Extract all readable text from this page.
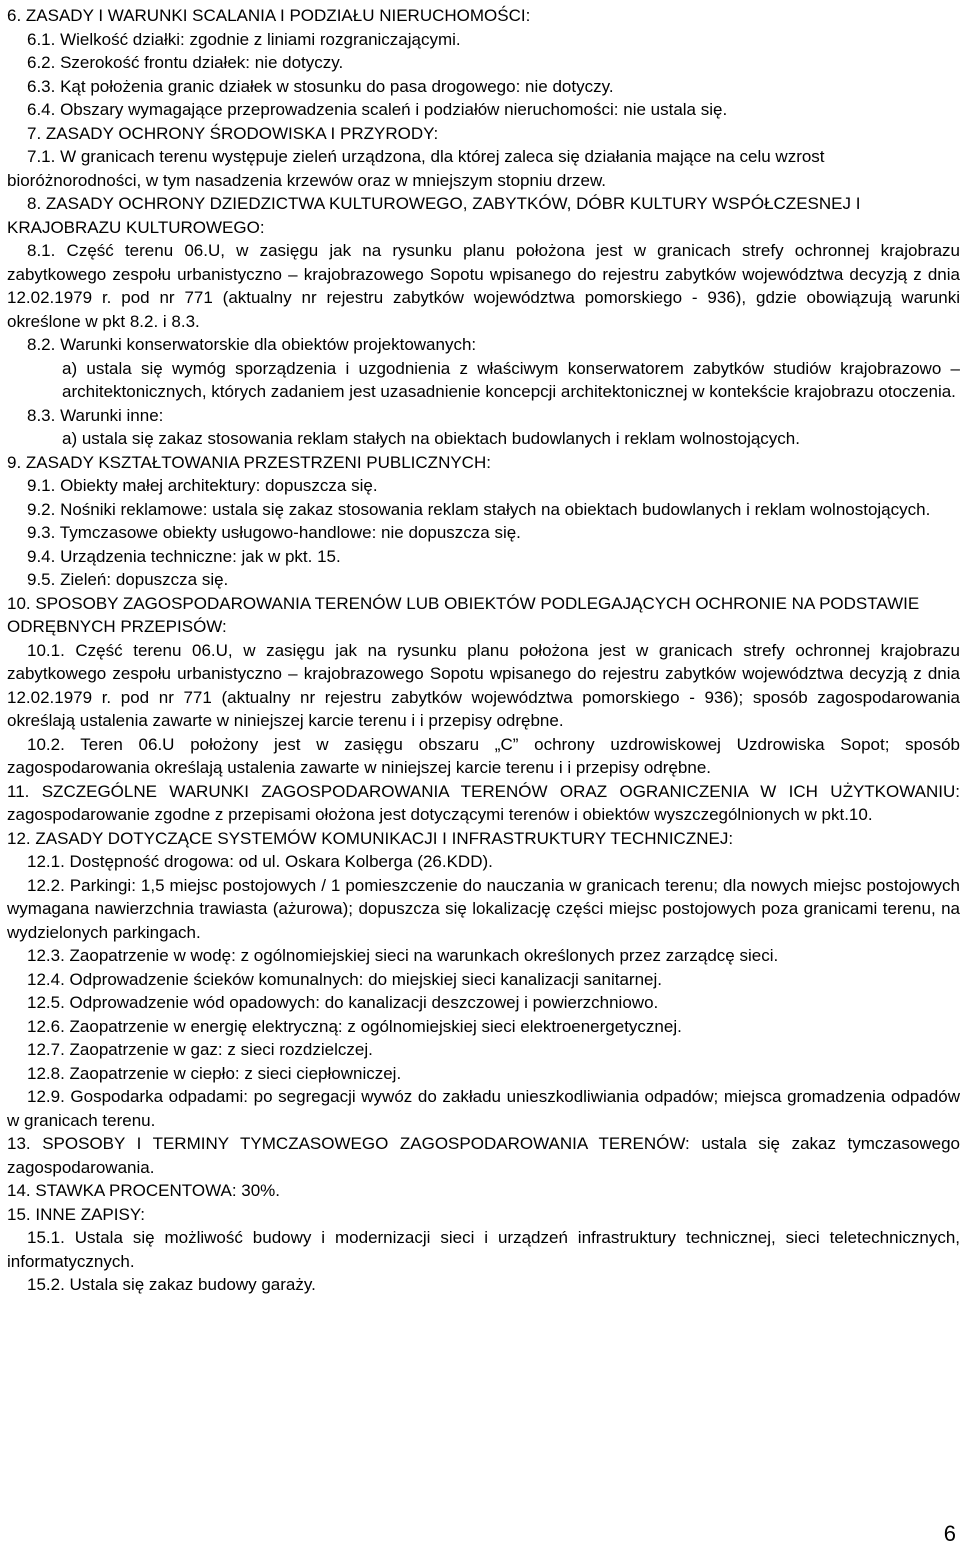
6. ZASADY I WARUNKI SCALANIA I PODZIAŁU NIERUCHOMOŚCI:

6.1. Wielkość działki: zgodnie z liniami rozgraniczającymi.

6.2. Szerokość frontu działek: nie dotyczy.

6.3. Kąt położenia granic działek w stosunku do pasa drogowego: nie dotyczy.

6.4. Obszary wymagające przeprowadzenia scaleń i podziałów nieruchomości: nie ustala się.

7. ZASADY OCHRONY ŚRODOWISKA I PRZYRODY:

7.1. W granicach terenu występuje zieleń urządzona, dla której zaleca się działania mające na celu wzrost bioróżnorodności, w tym nasadzenia krzewów oraz w mniejszym stopniu drzew.

8. ZASADY OCHRONY DZIEDZICTWA KULTUROWEGO, ZABYTKÓW, DÓBR KULTURY WSPÓŁCZESNEJ I KRAJOBRAZU KULTUROWEGO:

8.1. Część terenu 06.U, w zasięgu jak na rysunku planu położona jest w granicach strefy ochronnej krajobrazu zabytkowego zespołu urbanistyczno – krajobrazowego Sopotu wpisanego do rejestru zabytków województwa decyzją z dnia 12.02.1979 r. pod nr 771 (aktualny nr rejestru zabytków województwa pomorskiego - 936), gdzie obowiązują warunki określone w pkt 8.2. i 8.3.

8.2. Warunki konserwatorskie dla obiektów projektowanych:

a) ustala się wymóg sporządzenia i uzgodnienia z właściwym konserwatorem zabytków studiów krajobrazowo – architektonicznych, których zadaniem jest uzasadnienie koncepcji architektonicznej w kontekście krajobrazu otoczenia.

8.3. Warunki inne:

a) ustala się zakaz stosowania reklam stałych na obiektach budowlanych i reklam wolnostojących.

9. ZASADY KSZTAŁTOWANIA PRZESTRZENI PUBLICZNYCH:

9.1. Obiekty małej architektury: dopuszcza się.

9.2. Nośniki reklamowe: ustala się zakaz stosowania reklam stałych na obiektach budowlanych i reklam wolnostojących.

9.3. Tymczasowe obiekty usługowo-handlowe: nie dopuszcza się.

9.4. Urządzenia techniczne: jak w pkt. 15.

9.5. Zieleń: dopuszcza się.

10. SPOSOBY ZAGOSPODAROWANIA TERENÓW LUB OBIEKTÓW PODLEGAJĄCYCH OCHRONIE NA PODSTAWIE ODRĘBNYCH PRZEPISÓW:

10.1. Część terenu 06.U, w zasięgu jak na rysunku planu położona jest w granicach strefy ochronnej krajobrazu zabytkowego zespołu urbanistyczno – krajobrazowego Sopotu wpisanego do rejestru zabytków województwa decyzją z dnia 12.02.1979 r. pod nr 771 (aktualny nr rejestru zabytków województwa pomorskiego - 936); sposób zagospodarowania określają ustalenia zawarte w niniejszej karcie terenu i i przepisy odrębne.

10.2. Teren 06.U położony jest w zasięgu obszaru „C” ochrony uzdrowiskowej Uzdrowiska Sopot; sposób zagospodarowania określają ustalenia zawarte w niniejszej karcie terenu i i przepisy odrębne.

11. SZCZEGÓLNE WARUNKI ZAGOSPODAROWANIA TERENÓW ORAZ OGRANICZENIA W ICH UŻYTKOWANIU: zagospodarowanie zgodne z przepisami ołożona jest dotyczącymi terenów i obiektów wyszczególnionych w pkt.10.

12. ZASADY DOTYCZĄCE SYSTEMÓW KOMUNIKACJI I INFRASTRUKTURY TECHNICZNEJ:

12.1. Dostępność drogowa: od ul. Oskara Kolberga (26.KDD).

12.2. Parkingi: 1,5 miejsc postojowych / 1 pomieszczenie do nauczania w granicach terenu; dla nowych miejsc postojowych wymagana nawierzchnia trawiasta (ażurowa); dopuszcza się lokalizację części miejsc postojowych poza granicami terenu, na wydzielonych parkingach.

12.3. Zaopatrzenie w wodę: z ogólnomiejskiej sieci na warunkach określonych przez zarządcę sieci.

12.4. Odprowadzenie ścieków komunalnych: do miejskiej sieci kanalizacji sanitarnej.

12.5. Odprowadzenie wód opadowych: do kanalizacji deszczowej i powierzchniowo.

12.6. Zaopatrzenie w energię elektryczną: z ogólnomiejskiej sieci elektroenergetycznej.

12.7. Zaopatrzenie w gaz: z sieci rozdzielczej.

12.8. Zaopatrzenie w ciepło: z sieci ciepłowniczej.

12.9. Gospodarka odpadami: po segregacji wywóz do zakładu unieszkodliwiania odpadów; miejsca gromadzenia odpadów w granicach terenu.

13. SPOSOBY I TERMINY TYMCZASOWEGO ZAGOSPODAROWANIA TERENÓW: ustala się zakaz tymczasowego zagospodarowania.

14. STAWKA PROCENTOWA: 30%.

15. INNE ZAPISY:

15.1. Ustala się możliwość budowy i modernizacji sieci i urządzeń infrastruktury technicznej, sieci teletechnicznych, informatycznych.

15.2. Ustala się zakaz budowy garaży.

6
